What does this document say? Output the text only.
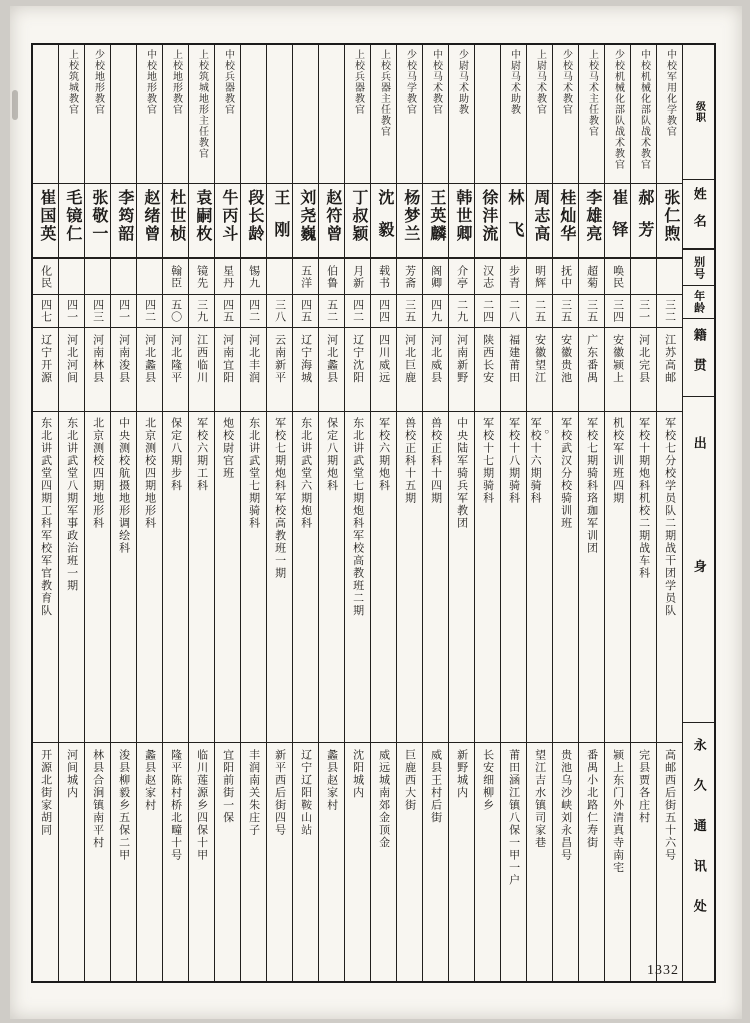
级职
姓名
别号
年龄
籍贯
出身
永久通讯处
中校军用化学教官
张仁煦
三二
江苏高邮
军校七分校学员队二期战干团学员队
高邮西后街五十六号
中校机械化部队战术教官
郝芳
三一
河北完县
军校十期炮科机校二期战车科
完县贾各庄村
少校机械化部队战术教官
崔铎
唤民
三四
安徽颍上
机校军训班四期
颍上东门外清真寺南宅
上校马术主任教官
李雄亮
超菊
三五
广东番禺
军校七期骑科珞珈军训团
番禺小北路仁寿街
少校马术教官
桂灿华
抚中
三五
安徽贵池
军校武汉分校骑训班
贵池乌沙峡刘永昌号
上尉马术教官
周志高
明辉
二五
安徽望江
军校十六期骑科 ○
望江吉水镇司家巷
中尉马术助教
林飞
步青
二八
福建莆田
军校十八期骑科
莆田涵江镇八保一甲一户
徐沣流
汉志
二四
陕西长安
军校十七期骑科
长安细柳乡
少尉马术助教
韩世卿
介亭
二九
河南新野
中央陆军骑兵军教团
新野城内
中校马术教官
王英麟
阁卿
四九
河北威县
兽校正科十四期
威县王村后街
少校马学教官
杨梦兰
芳斋
三五
河北巨鹿
兽校正科十五期
巨鹿西大街
上校兵器主任教官
沈毅
载书
四四
四川威远
军校六期炮科
威远城南郊金顶金
上校兵器教官
丁叔颖
月新
四二
辽宁沈阳
东北讲武堂七期炮科军校高教班二期
沈阳城内
赵符曾
伯鲁
五二
河北蠡县
保定八期炮科
蠡县赵家村
刘尧巍
五洋
四五
辽宁海城
东北讲武堂六期炮科
辽宁辽阳鞍山站
王刚
三八
云南新平
军校七期炮科军校高教班一期
新平西后街四号
段长龄
锡九
四二
河北丰润
东北讲武堂七期骑科
丰润南关朱庄子
中校兵器教官
牛丙斗
星丹
四五
河南宜阳
炮校尉官班
宜阳前街一保
上校筑城地形主任教官
袁嗣枚
镜先
三九
江西临川
军校六期工科
临川莲源乡四保十甲
上校地形教官
杜世桢
翰臣
五〇
河北隆平
保定八期步科
隆平陈村桥北疃十号
中校地形教官
赵绪曾
四二
河北蠡县
北京测校四期地形科
蠡县赵家村
李筠韶
四一
河南浚县
中央测校航摄地形调绘科
浚县柳毅乡五保二甲
少校地形教官
张敬一
四三
河南林县
北京测校四期地形科
林县合涧镇南平村
上校筑城教官
毛镜仁
四一
河北河间
东北讲武堂八期军事政治班一期
河间城内
崔国英
化民
四七
辽宁开源
东北讲武堂四期工科军校军官教育队
开源北街家胡同
1332
